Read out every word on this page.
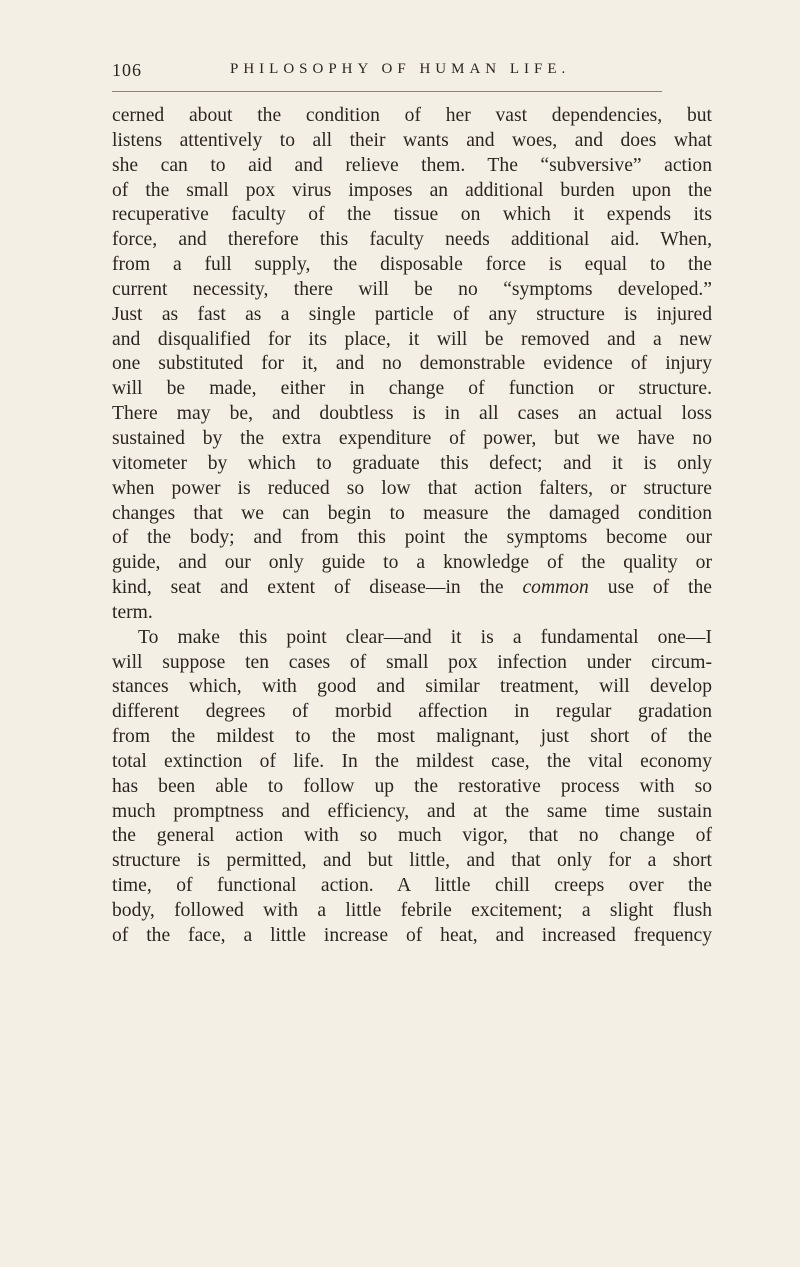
106	PHILOSOPHY OF HUMAN LIFE.
cerned about the condition of her vast dependencies, but
listens attentively to all their wants and woes, and does what
she can to aid and relieve them. The “subversive” action
of the small pox virus imposes an additional burden upon the
recuperative faculty of the tissue on which it expends its
force, and therefore this faculty needs additional aid. When,
from a full supply, the disposable force is equal to the
current necessity, there will be no “symptoms developed.”
Just as fast as a single particle of any structure is injured
and disqualified for its place, it will be removed and a new
one substituted for it, and no demonstrable evidence of injury
will be made, either in change of function or structure.
There may be, and doubtless is in all cases an actual loss
sustained by the extra expenditure of power, but we have no
vitometer by which to graduate this defect; and it is only
when power is reduced so low that action falters, or structure
changes that we can begin to measure the damaged condition
of the body; and from this point the symptoms become our
guide, and our only guide to a knowledge of the quality or
kind, seat and extent of disease—in the common use of the
term.
To make this point clear—and it is a fundamental one—I
will suppose ten cases of small pox infection under circum-
stances which, with good and similar treatment, will develop
different degrees of morbid affection in regular gradation
from the mildest to the most malignant, just short of the
total extinction of life. In the mildest case, the vital economy
has been able to follow up the restorative process with so
much promptness and efficiency, and at the same time sustain
the general action with so much vigor, that no change of
structure is permitted, and but little, and that only for a short
time, of functional action. A little chill creeps over the
body, followed with a little febrile excitement; a slight flush
of the face, a little increase of heat, and increased frequency
